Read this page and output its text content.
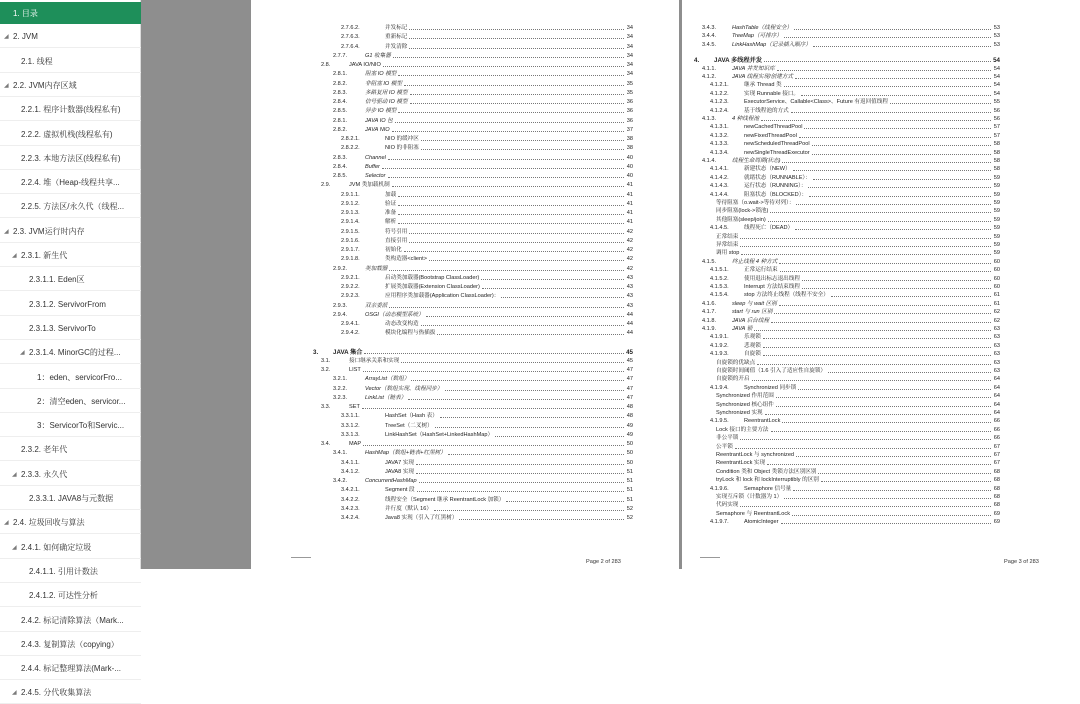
1. 目录
◢ 2. JVM
2.1. 线程
◢ 2.2. JVM内存区域
2.2.1. 程序计数器(线程私有)
2.2.2. 虚拟机栈(线程私有)
2.2.3. 本地方法区(线程私有)
2.2.4. 堆（Heap-线程共享...
2.2.5. 方法区/永久代（线程...
◢ 2.3. JVM运行时内存
◢ 2.3.1. 新生代
2.3.1.1. Eden区
2.3.1.2. ServivorFrom
2.3.1.3. ServivorTo
◢ 2.3.1.4. MinorGC的过程...
1：eden、servicorFro...
2：清空eden、servicor...
3：ServicorTo和Servic...
2.3.2. 老年代
◢ 2.3.3. 永久代
2.3.3.1. JAVA8与元数据
◢ 2.4. 垃圾回收与算法
◢ 2.4.1. 如何确定垃圾
2.4.1.1. 引用计数法
2.4.1.2. 可达性分析
2.4.2. 标记清除算法（Mark...
2.4.3. 复制算法（copying）
2.4.4. 标记整理算法(Mark-...
◢ 2.4.5. 分代收集算法
2.7.6.2.	并发标记	34
2.7.6.3.	重新标记	34
2.7.6.4.	并发清除	34
2.7.7.	G1 收集器	34
2.8.	JAVA IO/NIO	34
2.8.1.	阻塞 IO 模型	34
2.8.2.	非阻塞 IO 模型	35
2.8.3.	多路复用 IO 模型	35
2.8.4.	信号驱动 IO 模型	36
2.8.5.	异步 IO 模型	36
2.8.1.	JAVA IO 包	36
2.8.2.	JAVA NIO	37
2.8.2.1.	NIO 的缓冲区	38
2.8.2.2.	NIO 的非阻塞	38
2.8.3.	Channel	40
2.8.4.	Buffer	40
2.8.5.	Selector	40
2.9.	JVM 类加载机制	41
2.9.1.1.	加载	41
2.9.1.2.	验证	41
2.9.1.3.	准备	41
2.9.1.4.	解析	41
2.9.1.5.	符号引用	42
2.9.1.6.	直接引用	42
2.9.1.7.	初始化	42
2.9.1.8.	类构造器<client>	42
2.9.2.	类加载器	42
2.9.2.1.	启动类加载器(Bootstrap ClassLoader)	43
2.9.2.2.	扩展类加载器(Extension ClassLoader)	43
2.9.2.3.	应用程序类加载器(Application ClassLoader)：	43
2.9.3.	双亲委派	43
2.9.4.	OSGI（动态模型系统）	44
2.9.4.1.	动态改变构造	44
2.9.4.2.	模块化编程与热插拔	44
3. JAVA 集合	45
3.1.	接口继承关系和实现	45
3.2.	LIST	47
3.2.1.	ArrayList（数组）	47
3.2.2.	Vector（数组实现、线程同步）	47
3.2.3.	LinkList（链表）	47
3.3.	SET	48
3.3.1.1.	HashSet（Hash 表）	48
3.3.1.2.	TreeSet（二叉树）	49
3.3.1.3.	LinkHashSet（HashSet+LinkedHashMap）	49
3.4.	MAP	50
3.4.1.	HashMap（数组+链表+红黑树）	50
3.4.1.1.	JAVA7 实现	50
3.4.1.2.	JAVA8 实现	51
3.4.2.	ConcurrentHashMap	51
3.4.2.1.	Segment 段	51
3.4.2.2.	线程安全（Segment 继承 ReentrantLock 加锁）	51
3.4.2.3.	并行度（默认 16）	52
3.4.2.4.	Java8 实现（引入了红黑树）	52
Page 2 of 283
3.4.3.	HashTable（线程安全）	53
3.4.4.	TreeMap（可排序）	53
3.4.5.	LinkHashMap（记录插入顺序）	53
4. JAVA 多线程并发	54
4.1.1.	JAVA 并发知识库	54
4.1.2.	JAVA 线程实现/创建方式	54
4.1.2.1.	继承 Thread 类	54
4.1.2.2.	实现 Runnable 接口。	54
4.1.2.3.	ExecutorService、Callable<Class>、Future 有返回值线程	55
4.1.2.4.	基于线程池的方式	56
4.1.3.	4 种线程池	56
4.1.3.1.	newCachedThreadPool	57
4.1.3.2.	newFixedThreadPool	57
4.1.3.3.	newScheduledThreadPool	58
4.1.3.4.	newSingleThreadExecutor	58
4.1.4.	线程生命周期(状态)	58
4.1.4.1.	新建状态（NEW）	58
4.1.4.2.	就绪状态（RUNNABLE）：	59
4.1.4.3.	运行状态（RUNNING）：	59
4.1.4.4.	阻塞状态（BLOCKED）：	59
等待阻塞（o.wait->等待对列）：	59
同步阻塞(lock->锁池)	59
其他阻塞(sleep/join)	59
4.1.4.5.	线程死亡（DEAD）	59
正常结束	59
异常结束	59
调用 stop	59
4.1.5.	终止线程 4 种方式	60
4.1.5.1.	正常运行结束	60
4.1.5.2.	使用退出标志退出线程	60
4.1.5.3.	Interrupt 方法结束线程	60
4.1.5.4.	stop 方法终止线程（线程不安全）	61
4.1.6.	sleep 与 wait 区别	61
4.1.7.	start 与 run 区别	62
4.1.8.	JAVA 后台线程	62
4.1.9.	JAVA 锁	63
4.1.9.1.	乐观锁	63
4.1.9.2.	悲观锁	63
4.1.9.3.	自旋锁	63
自旋锁的优缺点	63
自旋锁时间阈值（1.6 引入了适应性自旋锁）	63
自旋锁的开启	64
4.1.9.4.	Synchronized 同步锁	64
Synchronized 作用范围	64
Synchronized 核心组件	64
Synchronized 实现	64
4.1.9.5.	ReentrantLock	66
Lock 接口的主要方法	66
非公平锁	66
公平锁	67
ReentrantLock 与 synchronized	67
ReentrantLock 实现	67
Condition 类和 Object 类锁方法区别区别	68
tryLock 和 lock 和 lockInterruptibly 的区别	68
4.1.9.6.	Semaphore 信号量	68
实现互斥锁（计数器为 1）	68
代码实现	68
Semaphore 与 ReentrantLock	69
4.1.9.7.	AtomicInteger	69
Page 3 of 283
